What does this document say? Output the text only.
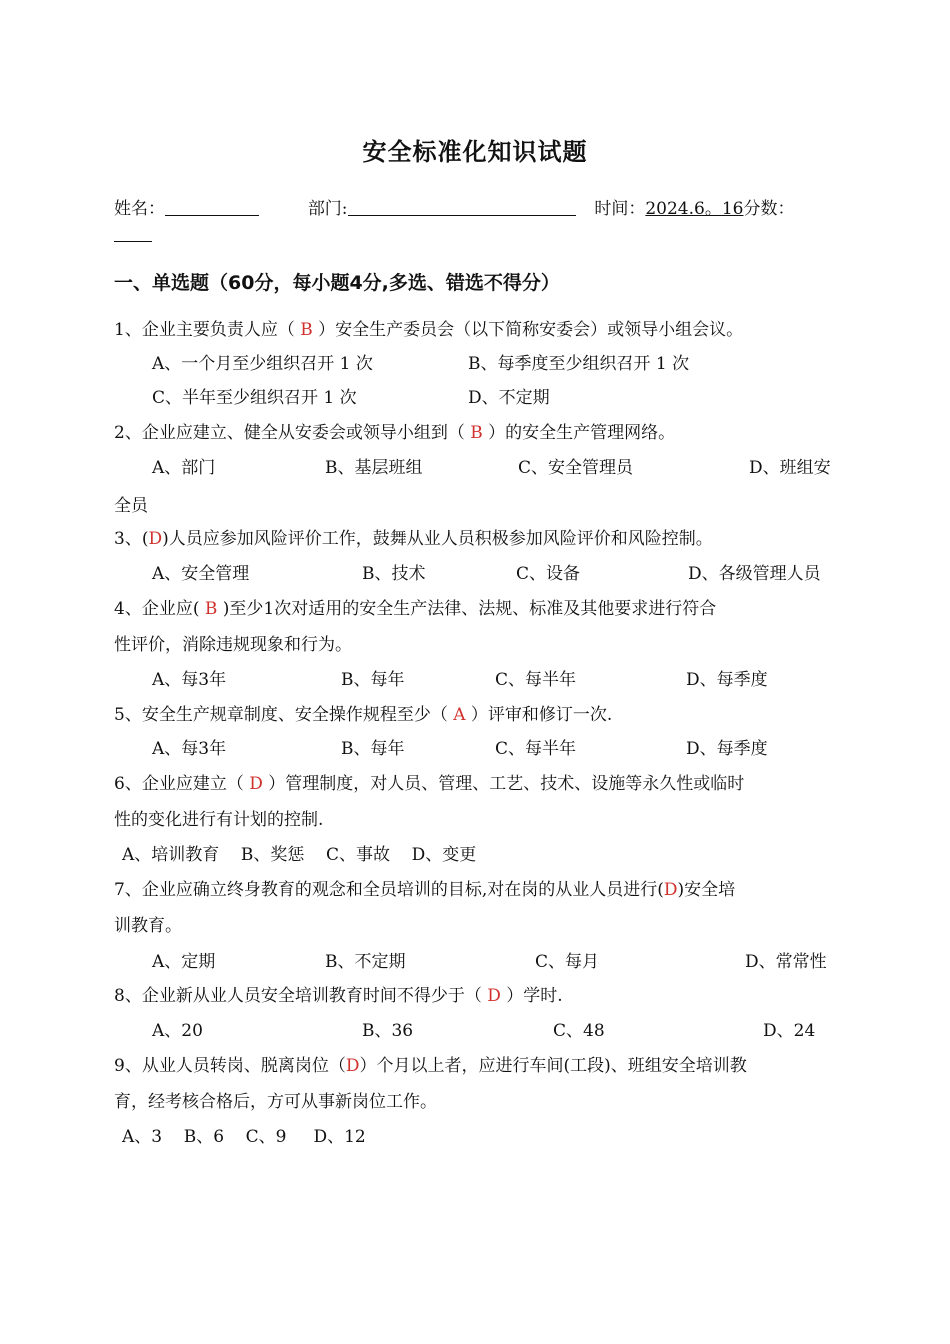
安全标准化知识试题
姓名：	部门:	时间：2024.6。16分数：
一、单选题（60分，每小题4分,多选、错选不得分）
1、企业主要负责人应（ B ）安全生产委员会（以下简称安委会）或领导小组会议。
A、一个月至少组织召开 1 次	B、每季度至少组织召开 1 次
C、半年至少组织召开 1 次	D、不定期
2、企业应建立、健全从安委会或领导小组到（ B ）的安全生产管理网络。
A、部门	B、基层班组	C、安全管理员	D、班组安
全员
3、(D)人员应参加风险评价工作，鼓舞从业人员积极参加风险评价和风险控制。
A、安全管理	B、技术	C、设备	D、各级管理人员
4、企业应( B )至少1次对适用的安全生产法律、法规、标准及其他要求进行符合
性评价，消除违规现象和行为。
A、每3年	B、每年	C、每半年	D、每季度
5、安全生产规章制度、安全操作规程至少（ A ）评审和修订一次.
A、每3年	B、每年	C、每半年	D、每季度
6、企业应建立（ D ）管理制度，对人员、管理、工艺、技术、设施等永久性或临时
性的变化进行有计划的控制.
A、培训教育    B、奖惩    C、事故    D、变更
7、企业应确立终身教育的观念和全员培训的目标,对在岗的从业人员进行(D)安全培
训教育。
A、定期	B、不定期	C、每月	D、常常性
8、企业新从业人员安全培训教育时间不得少于（ D ）学时.
A、20	B、36	C、48	D、24
9、从业人员转岗、脱离岗位（D）个月以上者，应进行车间(工段)、班组安全培训教
育，经考核合格后，方可从事新岗位工作。
A、3    B、6    C、9     D、12
